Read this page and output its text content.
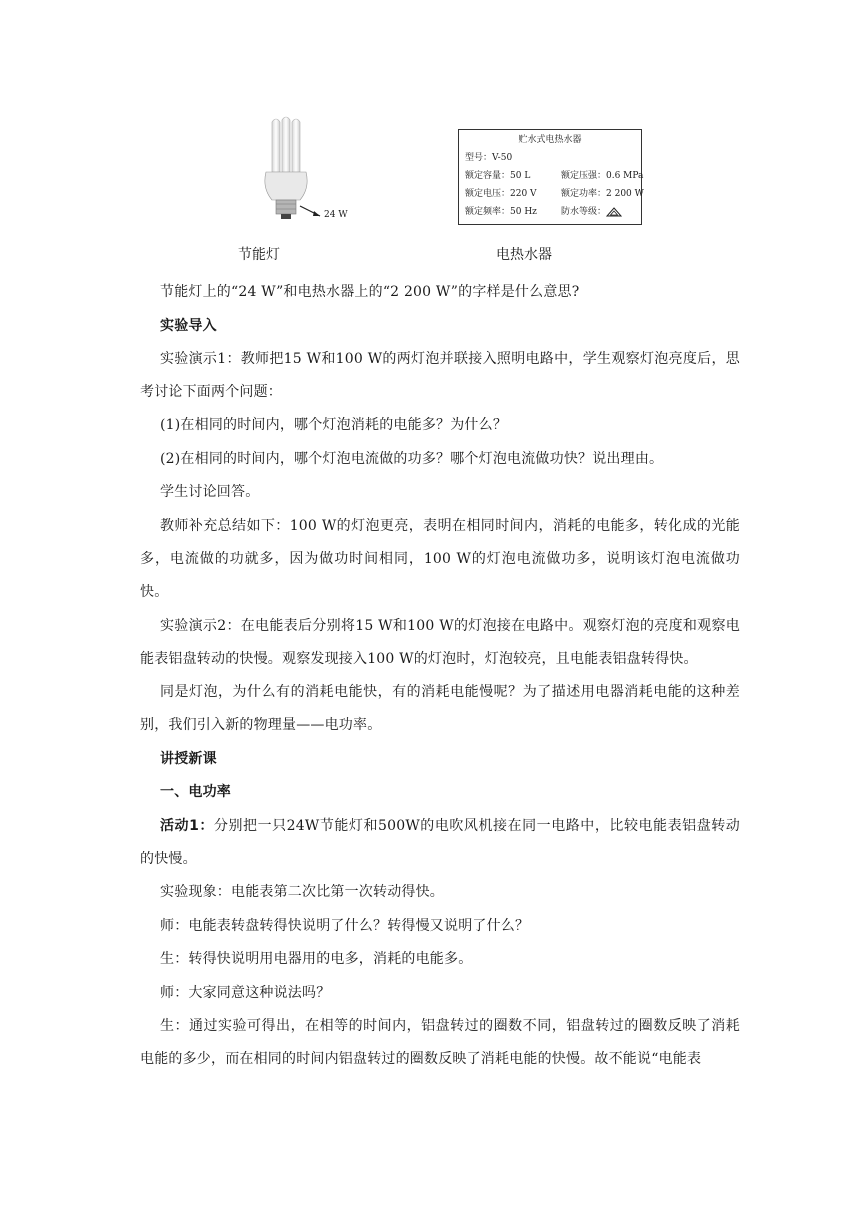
24 W
贮水式电热水器
型号：V-50
额定容量：50 L	额定压强：0.6 MPa
额定电压：220 V	额定功率：2 200 W
额定频率：50 Hz	防水等级：
节能灯	电热水器
节能灯上的“24 W”和电热水器上的“2 200 W”的字样是什么意思?
实验导入
实验演示1：教师把15 W和100 W的两灯泡并联接入照明电路中，学生观察灯泡亮度后，思考讨论下面两个问题：
(1)在相同的时间内，哪个灯泡消耗的电能多？为什么？
(2)在相同的时间内，哪个灯泡电流做的功多？哪个灯泡电流做功快？说出理由。
学生讨论回答。
教师补充总结如下：100 W的灯泡更亮，表明在相同时间内，消耗的电能多，转化成的光能多，电流做的功就多，因为做功时间相同，100 W的灯泡电流做功多，说明该灯泡电流做功快。
实验演示2：在电能表后分别将15 W和100 W的灯泡接在电路中。观察灯泡的亮度和观察电能表铝盘转动的快慢。观察发现接入100 W的灯泡时，灯泡较亮，且电能表铝盘转得快。
同是灯泡，为什么有的消耗电能快，有的消耗电能慢呢？为了描述用电器消耗电能的这种差别，我们引入新的物理量——电功率。
讲授新课
一、电功率
活动1：分别把一只24W节能灯和500W的电吹风机接在同一电路中，比较电能表铝盘转动的快慢。
实验现象：电能表第二次比第一次转动得快。
师：电能表转盘转得快说明了什么？转得慢又说明了什么？
生：转得快说明用电器用的电多，消耗的电能多。
师：大家同意这种说法吗？
生：通过实验可得出，在相等的时间内，铝盘转过的圈数不同，铝盘转过的圈数反映了消耗电能的多少，而在相同的时间内铝盘转过的圈数反映了消耗电能的快慢。故不能说“电能表
